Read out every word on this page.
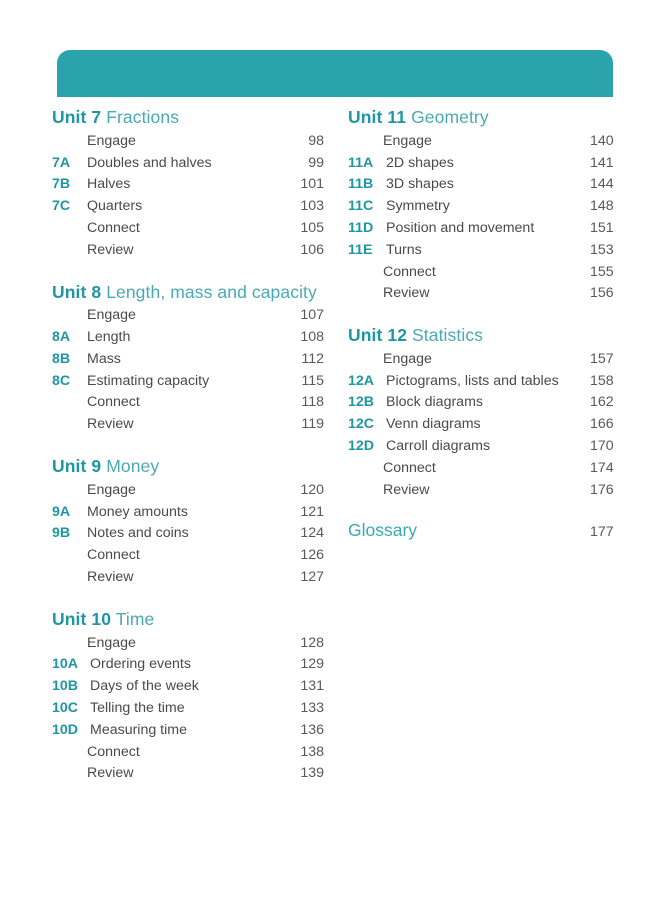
Unit 7 Fractions
Engage	98
7A	Doubles and halves	99
7B	Halves	101
7C	Quarters	103
Connect	105
Review	106
Unit 8 Length, mass and capacity
Engage	107
8A	Length	108
8B	Mass	112
8C	Estimating capacity	115
Connect	118
Review	119
Unit 9 Money
Engage	120
9A	Money amounts	121
9B	Notes and coins	124
Connect	126
Review	127
Unit 10 Time
Engage	128
10A Ordering events	129
10B Days of the week	131
10C Telling the time	133
10D Measuring time	136
Connect	138
Review	139
Unit 11 Geometry
Engage	140
11A 2D shapes	141
11B 3D shapes	144
11C Symmetry	148
11D Position and movement	151
11E Turns	153
Connect	155
Review	156
Unit 12 Statistics
Engage	157
12A Pictograms, lists and tables	158
12B Block diagrams	162
12C Venn diagrams	166
12D Carroll diagrams	170
Connect	174
Review	176
Glossary	177
